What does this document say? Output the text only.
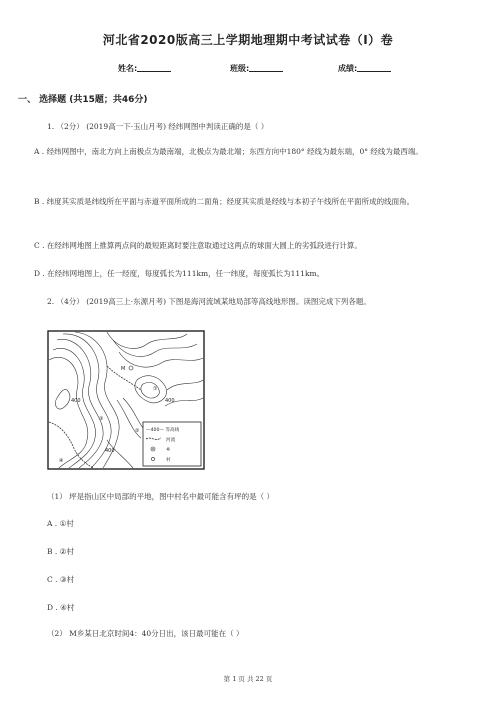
河北省2020版高三上学期地理期中考试试卷（I）卷
姓名:	班级:	成绩:
一、 选择题 (共15题；共46分)
1. （2分） (2019高一下·玉山月考) 经纬网图中判读正确的是（ ）
A . 经纬网图中，南北方向上南极点为最南端，北极点为最北端；东西方向中180° 经线为最东端，0° 经线为最西端。
B . 纬度其实质是纬线所在平面与赤道平面所成的二面角；经度其实质是经线与本初子午线所在平面所成的线面角。
C . 在经纬网地图上推算两点间的最短距离时要注意取通过这两点的球面大圆上的劣弧段进行计算。
D . 在经纬网地图上，任一经度，每度弧长为111km，任一纬度，每度弧长为111km。
2. （4分） (2019高三上·东源月考) 下图是海河流域某地局部等高线地形图。读图完成下列各题。
M
①
②
③
④
400
400
400
—400— 等高线
河流
乡
村
（1） 坪是指山区中局部的平地，图中村名中最可能含有坪的是（ ）
A . ①村
B . ②村
C . ③村
D . ④村
（2） M乡某日北京时间4：40分日出，该日最可能在（ ）
第 1 页 共 22 页
